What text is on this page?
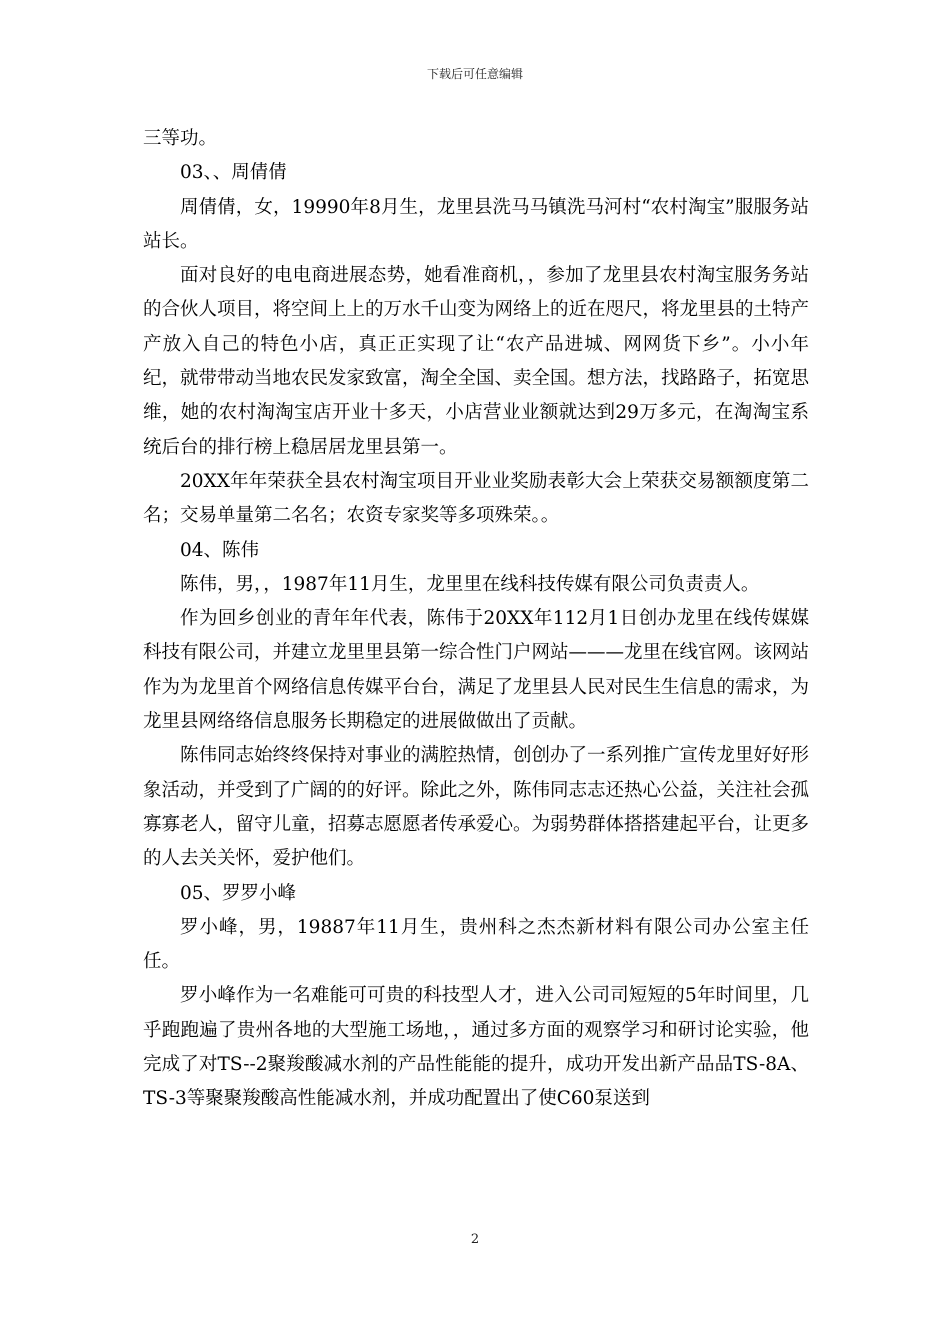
下载后可任意编辑

三等功。

03、、周倩倩

周倩倩，女，19990年8月生，龙里县洗马马镇洗马河村“农村淘宝”服服务站站长。

面对良好的电电商进展态势，她看准商机，，参加了龙里县农村淘宝服务务站的合伙人项目，将空间上上的万水千山变为网络上的近在咫尺，将龙里县的土特产产放入自己的特色小店，真正正实现了让“农产品进城、网网货下乡”。小小年纪，就带带动当地农民发家致富，淘全全国、卖全国。想方法，找路路子，拓宽思维，她的农村淘淘宝店开业十多天，小店营业业额就达到29万多元，在淘淘宝系统后台的排行榜上稳居居龙里县第一。

20XX年年荣获全县农村淘宝项目开业业奖励表彰大会上荣获交易额额度第二名；交易单量第二名名；农资专家奖等多项殊荣。。

04、陈伟

陈伟，男，，1987年11月生，龙里里在线科技传媒有限公司负责责人。

作为回乡创业的青年年代表，陈伟于20XX年112月1日创办龙里在线传媒媒科技有限公司，并建立龙里里县第一综合性门户网站———龙里在线官网。该网站作为为龙里首个网络信息传媒平台台，满足了龙里县人民对民生生信息的需求，为龙里县网络络信息服务长期稳定的进展做做出了贡献。

陈伟同志始终终保持对事业的满腔热情，创创办了一系列推广宣传龙里好好形象活动，并受到了广阔的的好评。除此之外，陈伟同志志还热心公益，关注社会孤寡寡老人，留守儿童，招募志愿愿者传承爱心。为弱势群体搭搭建起平台，让更多的人去关关怀，爱护他们。

05、罗罗小峰

罗小峰，男，19887年11月生，贵州科之杰杰新材料有限公司办公室主任任。

罗小峰作为一名难能可可贵的科技型人才，进入公司司短短的5年时间里，几乎跑跑遍了贵州各地的大型施工场地，，通过多方面的观察学习和研讨论实验，他完成了对TS--2聚羧酸减水剂的产品性能能的提升，成功开发出新产品品TS-8A、TS-3等聚聚羧酸高性能减水剂，并成功配置出了使C60泵送到

2
